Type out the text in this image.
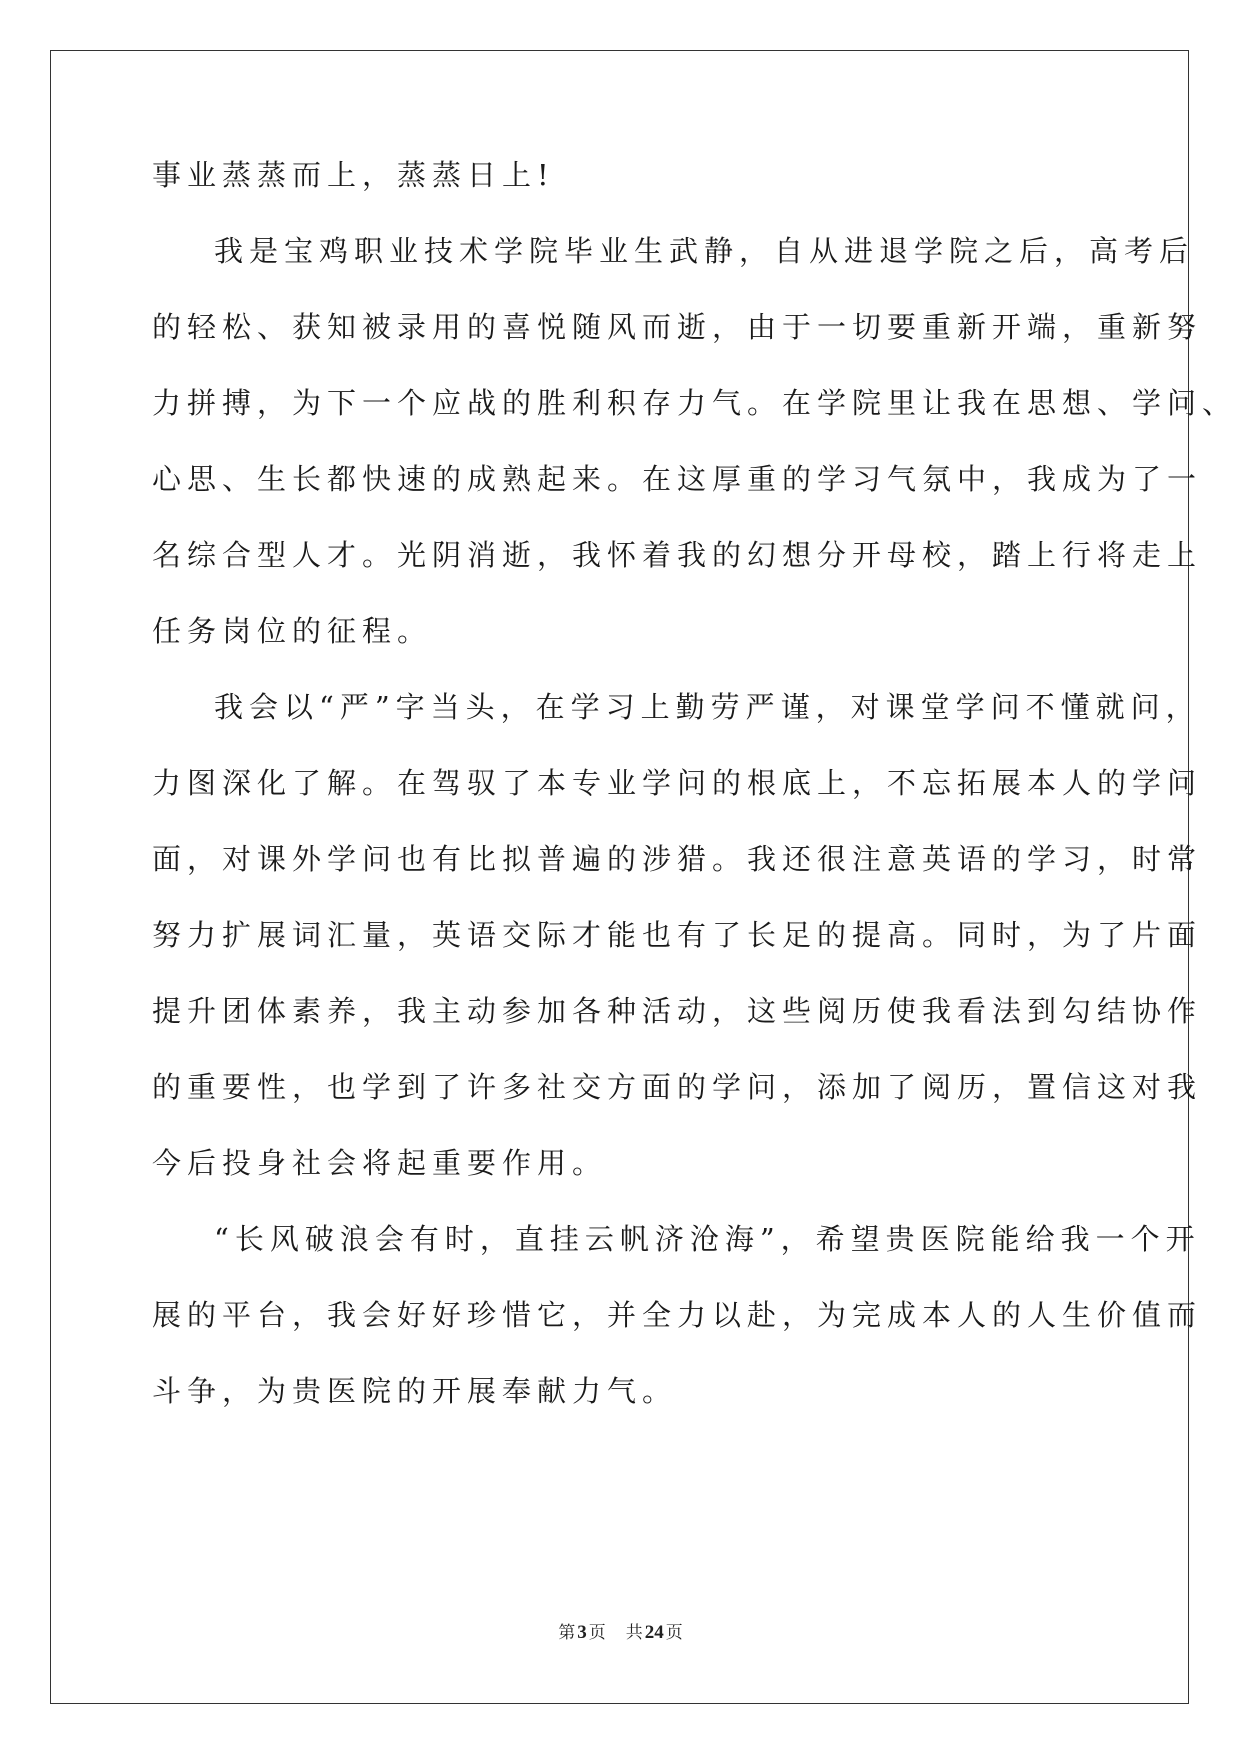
事业蒸蒸而上，蒸蒸日上!
我是宝鸡职业技术学院毕业生武静，自从进退学院之后，高考后
的轻松、获知被录用的喜悦随风而逝，由于一切要重新开端，重新努
力拼搏，为下一个应战的胜利积存力气。在学院里让我在思想、学问、
心思、生长都快速的成熟起来。在这厚重的学习气氛中，我成为了一
名综合型人才。光阴消逝，我怀着我的幻想分开母校，踏上行将走上
任务岗位的征程。
我会以“严”字当头，在学习上勤劳严谨，对课堂学问不懂就问，
力图深化了解。在驾驭了本专业学问的根底上，不忘拓展本人的学问
面，对课外学问也有比拟普遍的涉猎。我还很注意英语的学习，时常
努力扩展词汇量，英语交际才能也有了长足的提高。同时，为了片面
提升团体素养，我主动参加各种活动，这些阅历使我看法到勾结协作
的重要性，也学到了许多社交方面的学问，添加了阅历，置信这对我
今后投身社会将起重要作用。
“长风破浪会有时，直挂云帆济沧海”，希望贵医院能给我一个开
展的平台，我会好好珍惜它，并全力以赴，为完成本人的人生价值而
斗争，为贵医院的开展奉献力气。
第 3 页 共 24 页
